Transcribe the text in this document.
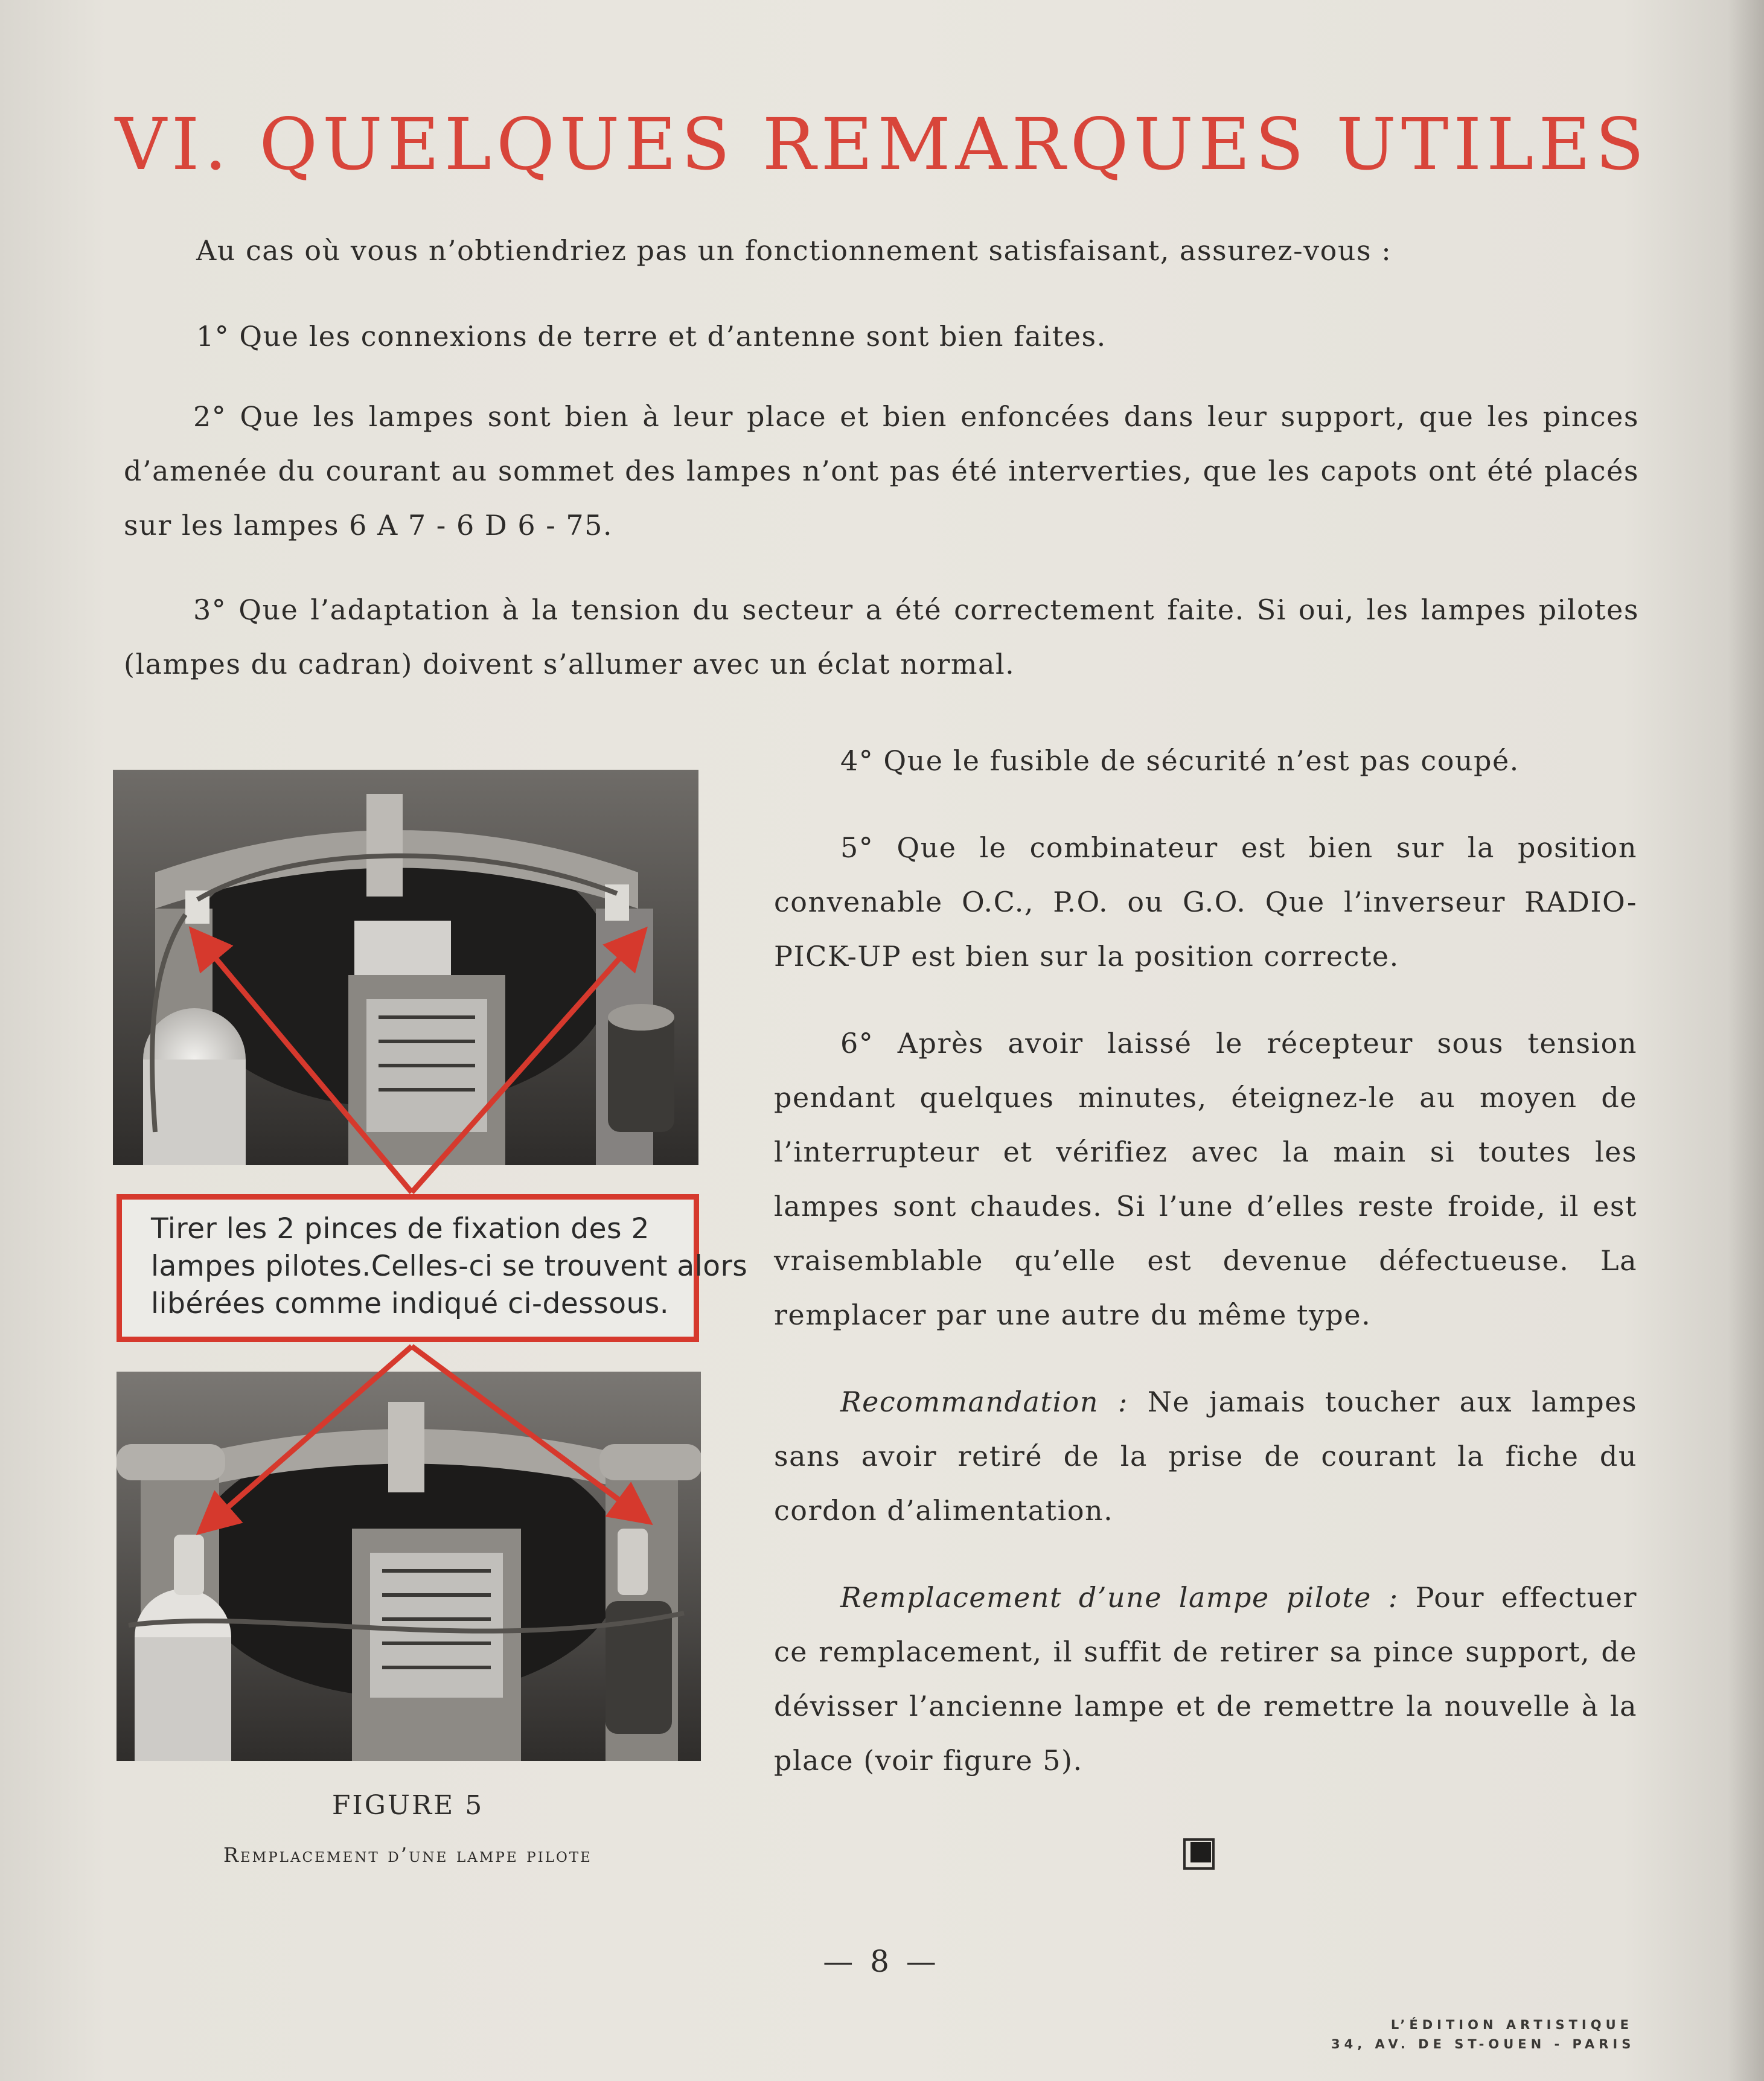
VI. QUELQUES REMARQUES UTILES

Au cas où vous n’obtiendriez pas un fonctionnement satisfaisant, assurez-vous :

1° Que les connexions de terre et d’antenne sont bien faites.

2° Que les lampes sont bien à leur place et bien enfoncées dans leur support, que les pinces d’amenée du courant au sommet des lampes n’ont pas été interverties, que les capots ont été placés sur les lampes 6 A 7 - 6 D 6 - 75.

3° Que l’adaptation à la tension du secteur a été correctement faite. Si oui, les lampes pilotes (lampes du cadran) doivent s’allumer avec un éclat normal.

4° Que le fusible de sécurité n’est pas coupé.

5° Que le combinateur est bien sur la position convenable O.C., P.O. ou G.O. Que l’inverseur RADIO-PICK-UP est bien sur la position correcte.

6° Après avoir laissé le récepteur sous tension pendant quelques minutes, éteignez-le au moyen de l’interrupteur et vérifiez avec la main si toutes les lampes sont chaudes. Si l’une d’elles reste froide, il est vraisemblable qu’elle est devenue défectueuse. La remplacer par une autre du même type.

Recommandation : Ne jamais toucher aux lampes sans avoir retiré de la prise de courant la fiche du cordon d’alimentation.

Remplacement d’une lampe pilote : Pour effectuer ce remplacement, il suffit de retirer sa pince support, de dévisser l’ancienne lampe et de remettre la nouvelle à la place (voir figure 5).

Tirer les 2 pinces de fixation des 2
lampes pilotes.Celles-ci se trouvent alors
libérées comme indiqué ci-dessous.
FIGURE 5
Remplacement d’une lampe pilote
— 8 —
L’ÉDITION ARTISTIQUE
34, AV. DE ST-OUEN - PARIS
